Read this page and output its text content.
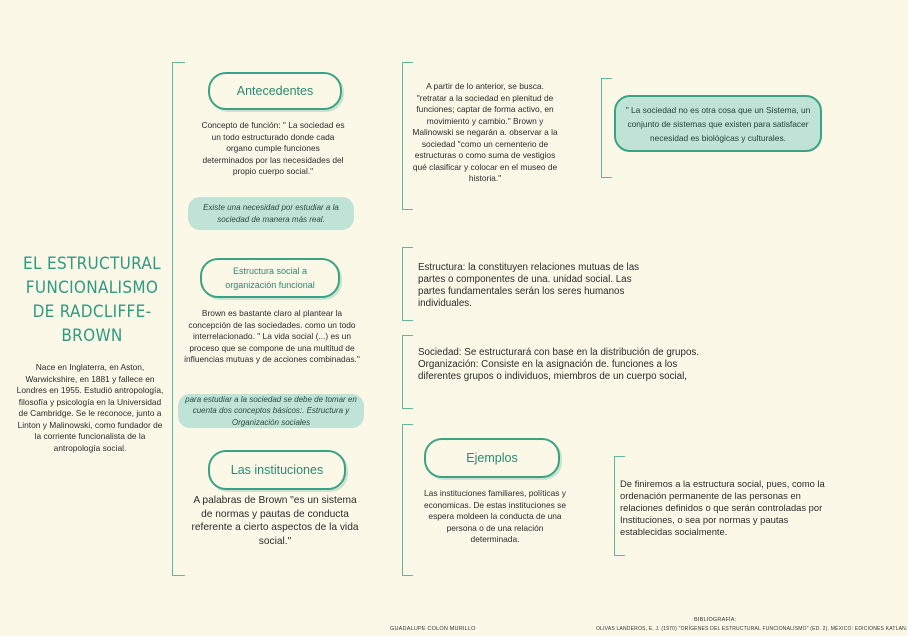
EL ESTRUCTURAL
FUNCIONALISMO
DE RADCLIFFE-
BROWN
Nace en Inglaterra, en Aston, Warwickshire, en 1881 y fallece en Londres en 1955. Estudió antropología, filosofía y psicología en la Universidad de Cambridge. Se le reconoce, junto a Linton y Malinowski, como fundador de la corriente funcionalista de la antropología social.
Antecedentes
Concepto de función: " La sociedad es un todo estructurado donde cada organo cumple funciones determinados por las necesidades del propio cuerpo social."
Existe una necesidad por estudiar a la sociedad de manera más real.
Estructura social a organización funcional
Brown es bastante claro al plantear la concepción de las sociedades. como un todo interrelacionado. " La vida social (...) es un proceso que se compone de una multitud de influencias mutuas y de acciones combinadas."
para estudiar a la sociedad se debe de tomar en cuenta dos conceptos básicos:. Estructura y Organización sociales
Las instituciones
A palabras de Brown "es un sistema de normas y pautas de conducta referente a cierto aspectos de la vida social."
A partir de lo anterior, se busca. "retratar a la sociedad en plenitud de funciones; captar de forma activo, en movimiento y cambio." Brown y Malinowski se negarán a. observar a la sociedad "como un cementerio de estructuras o como suma de vestigios qué clasificar y colocar en el museo de historia."
" La sociedad no es otra cosa que un Sistema, un conjunto de sistemas que existen para satisfacer necesidad es biológicas y culturales.
Estructura: la constituyen relaciones mutuas de las partes o componentes de una. unidad social. Las partes fundamentales serán los seres humanos individuales.
Sociedad: Se estructurará con base en la distribución de grupos. Organización: Consiste en la asignación de. funciones a los diferentes grupos o individuos, miembros de un cuerpo social,
Ejemplos
Las instituciones familiares, políticas y economicas. De estas instituciones se espera moldeen la conducta de una persona o de una relación determinada.
De finiremos a la estructura social, pues, como la ordenación permanente de las personas en relaciones definidos o que serán controladas por Instituciones, o sea por normas y pautas establecidas socialmente.
GUADALUPE COLON MURILLO
BIBLIOGRAFÍA:
OLIVAS LANDEROS, E. J. (1970) "ORÍGENES DEL ESTRUCTURAL FUNCIONALISMO" (ED. 2). MÉXICO: EDICIONES KATLAN.
